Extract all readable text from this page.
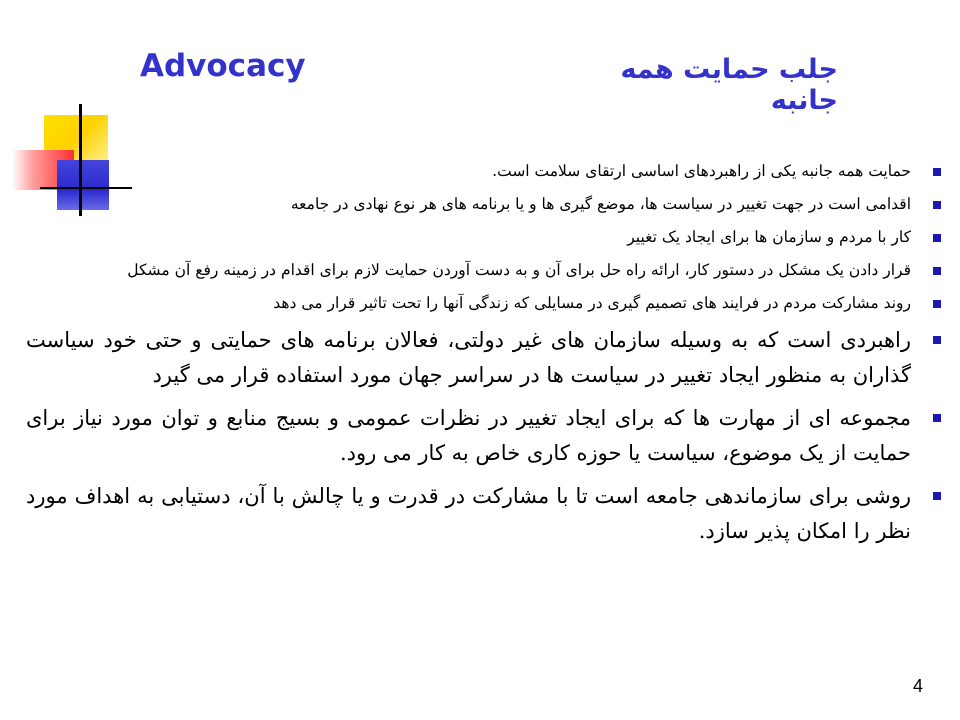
Advocacy	جلب حمایت همه جانبه
حمایت همه جانبه یکی از راهبردهای اساسی ارتقای سلامت است.
اقدامی است در جهت تغییر در سیاست ها، موضع گیری ها و یا برنامه های هر نوع نهادی در جامعه
کار با مردم و سازمان ها برای ایجاد یک تغییر
قرار دادن یک مشکل در دستور کار، ارائه راه حل برای آن و به دست آوردن حمایت لازم برای اقدام در زمینه رفع آن مشکل
روند مشارکت مردم در فرایند های تصمیم گیری در مسایلی که زندگی آنها را تحت تاثیر قرار می دهد
راهبردی است که به وسیله سازمان های غیر دولتی، فعالان برنامه های حمایتی و حتی خود سیاست گذاران به منظور ایجاد تغییر در سیاست ها در سراسر جهان مورد استفاده قرار می گیرد
مجموعه ای از مهارت ها که برای ایجاد تغییر در نظرات عمومی و بسیج منابع و توان مورد نیاز برای حمایت از یک موضوع، سیاست یا حوزه کاری خاص به کار می رود.
روشی برای سازماندهی جامعه است تا با مشارکت در قدرت و یا چالش با آن، دستیابی به اهداف مورد نظر را امکان پذیر سازد.
4
